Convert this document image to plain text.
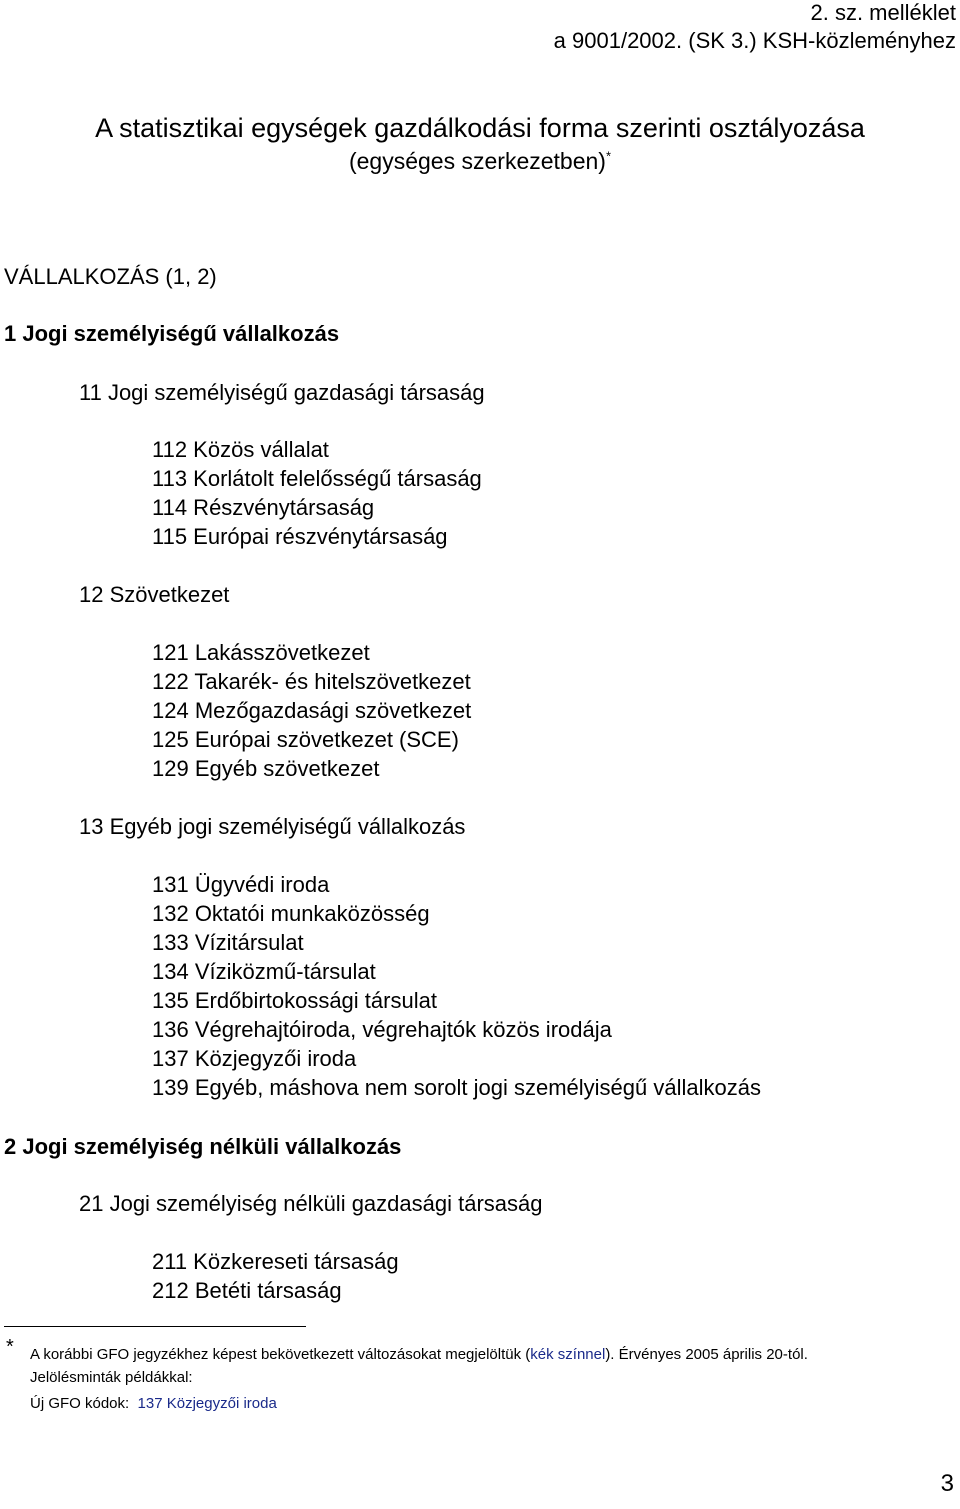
2. sz. melléklet
a 9001/2002. (SK 3.) KSH-közleményhez
A statisztikai egységek gazdálkodási forma szerinti osztályozása
(egységes szerkezetben)*
VÁLLALKOZÁS (1, 2)
1 Jogi személyiségű vállalkozás
11 Jogi személyiségű gazdasági társaság
112 Közös vállalat
113 Korlátolt felelősségű társaság
114 Részvénytársaság
115 Európai részvénytársaság
12 Szövetkezet
121 Lakásszövetkezet
122 Takarék- és hitelszövetkezet
124 Mezőgazdasági szövetkezet
125 Európai szövetkezet (SCE)
129 Egyéb szövetkezet
13 Egyéb jogi személyiségű vállalkozás
131 Ügyvédi iroda
132 Oktatói munkaközösség
133 Vízitársulat
134 Víziközmű-társulat
135 Erdőbirtokossági társulat
136 Végrehajtóiroda, végrehajtók közös irodája
137 Közjegyzői iroda
139 Egyéb, máshova nem sorolt jogi személyiségű vállalkozás
2 Jogi személyiség nélküli vállalkozás
21 Jogi személyiség nélküli gazdasági társaság
211 Közkereseti társaság
212 Betéti társaság
* A korábbi GFO jegyzékhez képest bekövetkezett változásokat megjelöltük (kék színnel). Érvényes 2005 április 20-tól.
Jelölésminták példákkal:
Új GFO kódok: 137 Közjegyzői iroda
3
